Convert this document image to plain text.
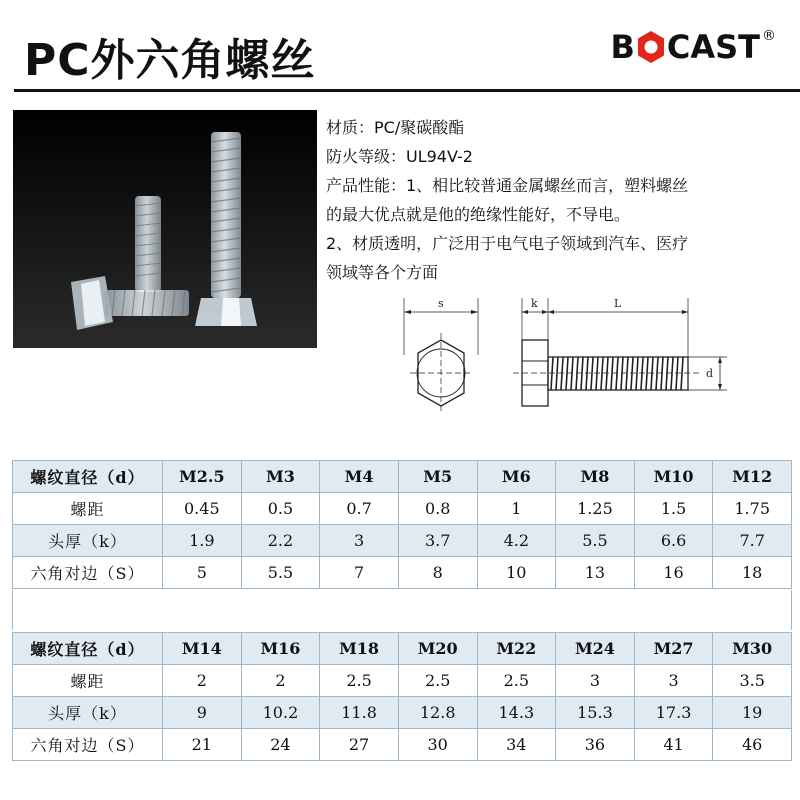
PC外六角螺丝	B CAST ®

材质：PC/聚碳酸酯

防火等级：UL94V-2

产品性能：1、相比较普通金属螺丝而言，塑料螺丝

的最大优点就是他的绝缘性能好，不导电。

2、材质透明，广泛用于电气电子领域到汽车、医疗

领域等各个方面

s	k	L
d
螺纹直径（d）	M2.5	M3	M4	M5	M6	M8	M10	M12
螺距	0.45	0.5	0.7	0.8	1	1.25	1.5	1.75
头厚（k）	1.9	2.2	3	3.7	4.2	5.5	6.6	7.7
六角对边（S）	5	5.5	7	8	10	13	16	18
螺纹直径（d）	M14	M16	M18	M20	M22	M24	M27	M30
螺距	2	2	2.5	2.5	2.5	3	3	3.5
头厚（k）	9	10.2	11.8	12.8	14.3	15.3	17.3	19
六角对边（S）	21	24	27	30	34	36	41	46
